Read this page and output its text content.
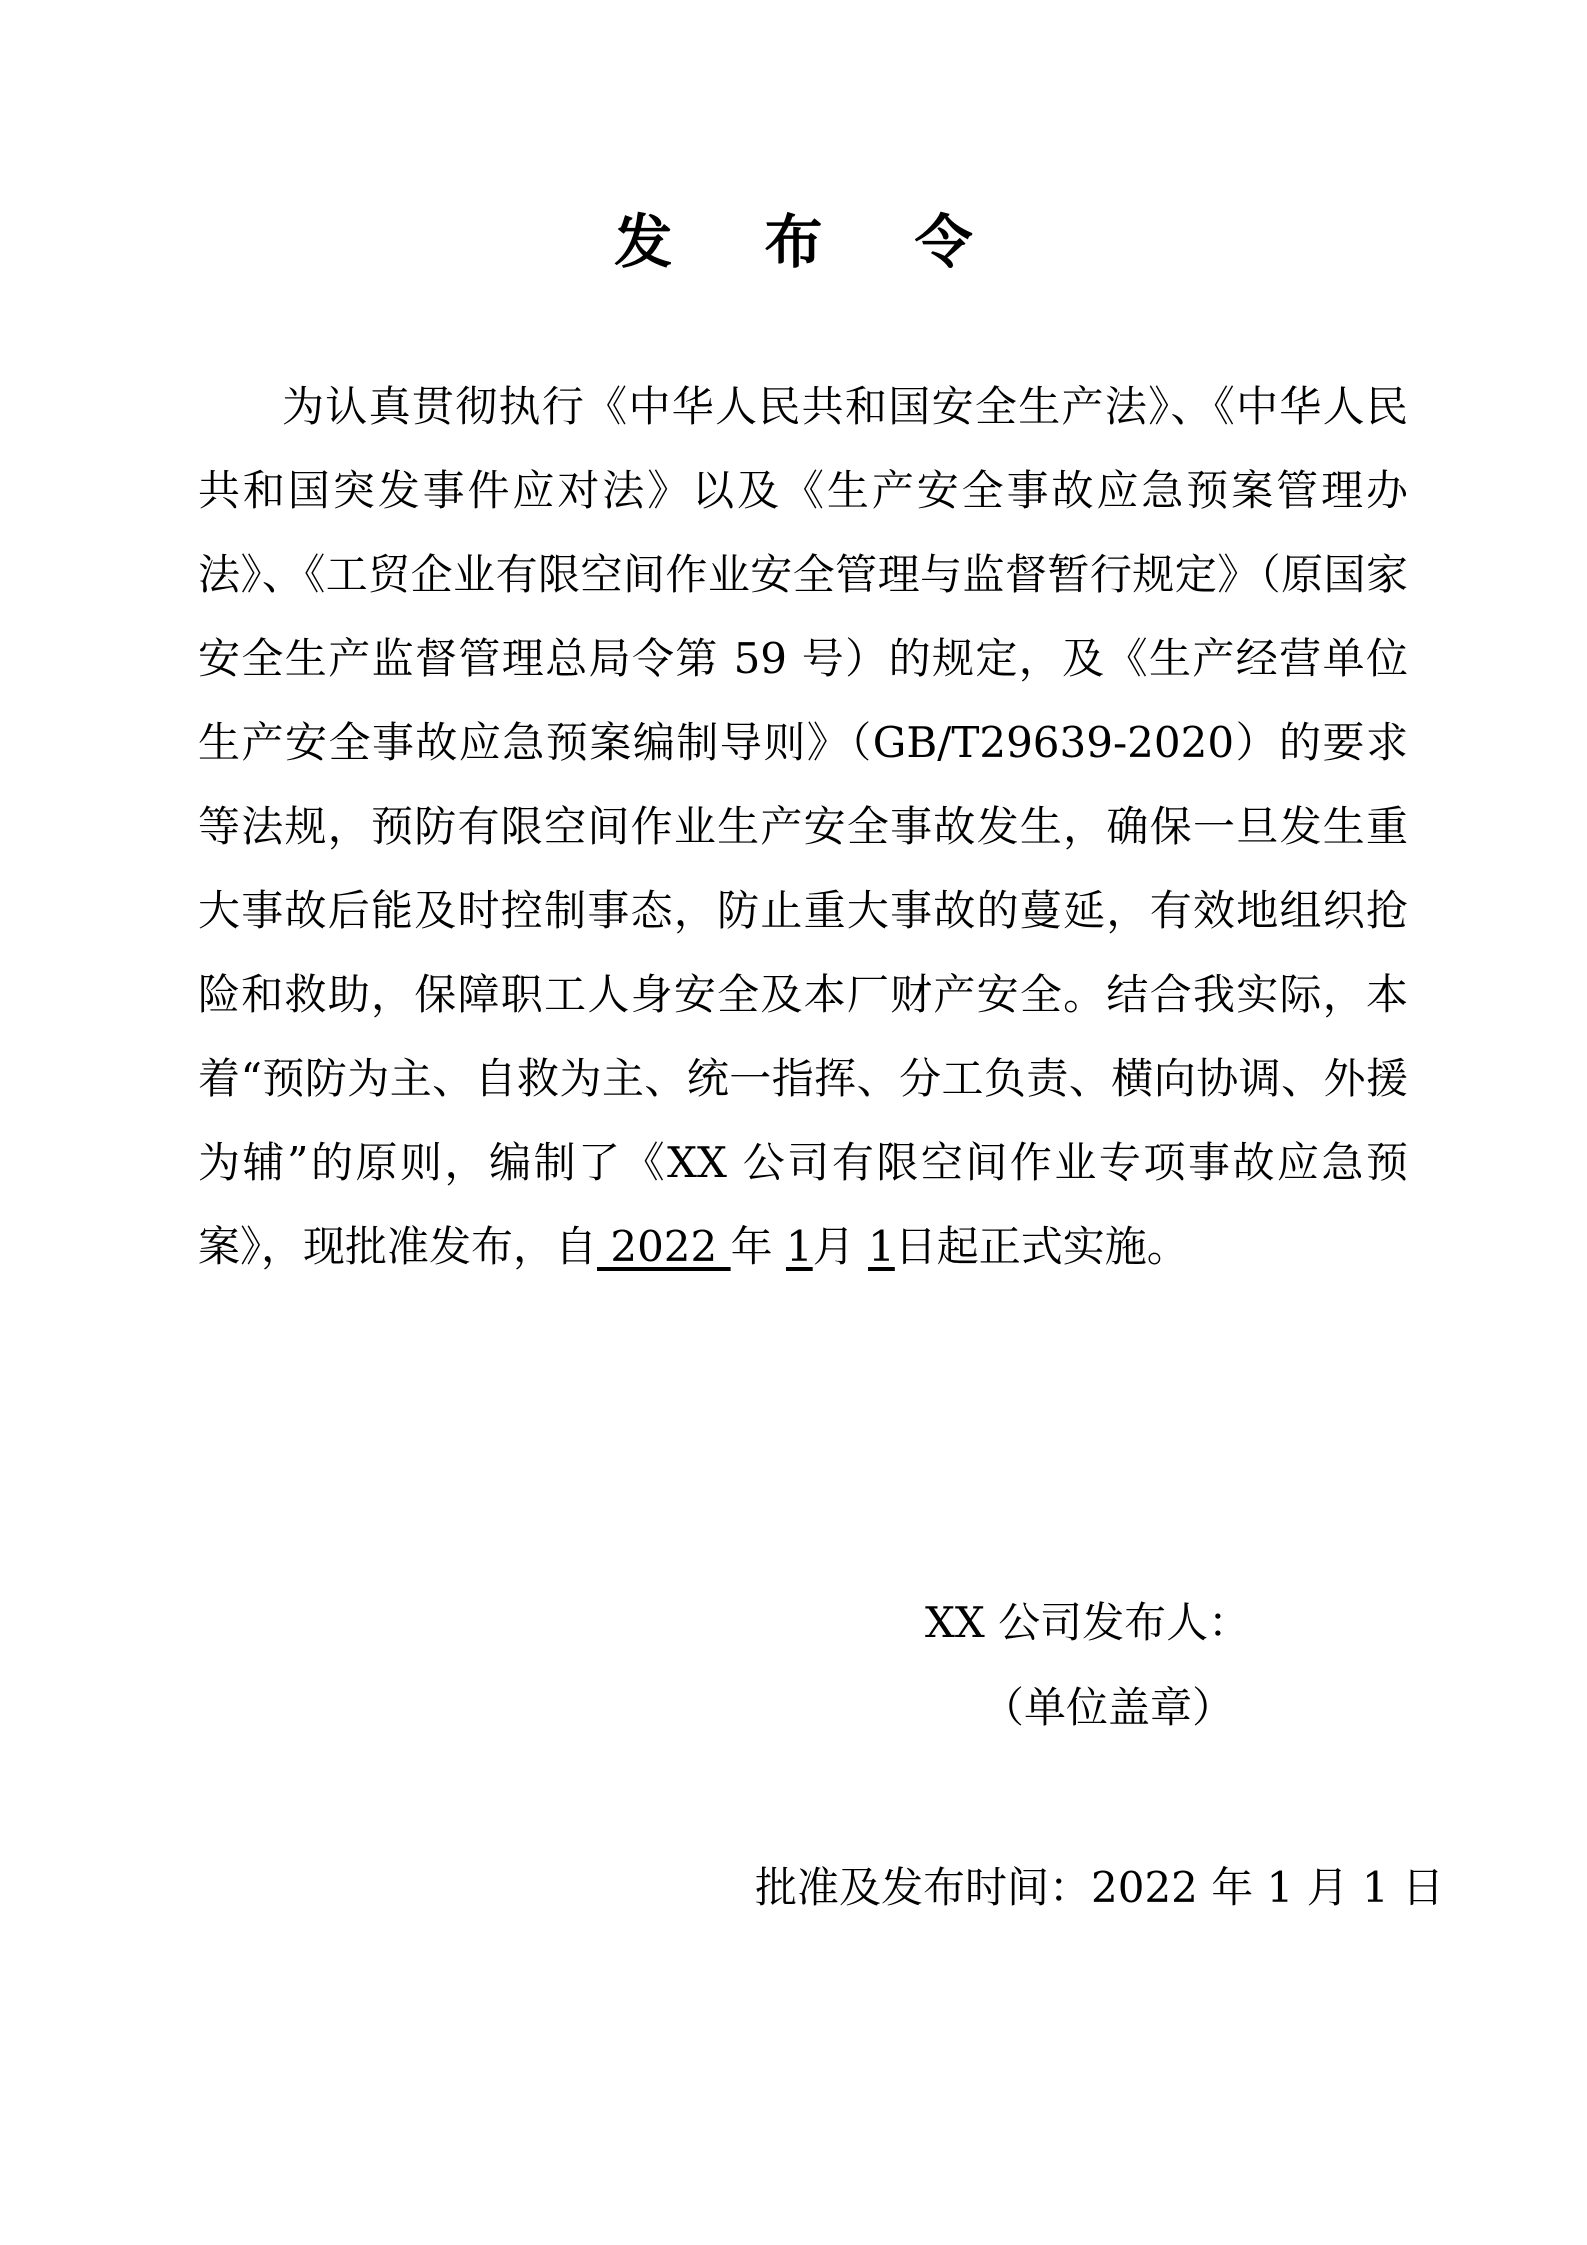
发 布 令

为认真贯彻执行《中华人民共和国安全生产法》、《中华人民共和国突发事件应对法》以及《生产安全事故应急预案管理办法》、《工贸企业有限空间作业安全管理与监督暂行规定》（原国家安全生产监督管理总局令第 59 号）的规定，及《生产经营单位生产安全事故应急预案编制导则》（GB/T29639-2020）的要求等法规，预防有限空间作业生产安全事故发生，确保一旦发生重大事故后能及时控制事态，防止重大事故的蔓延，有效地组织抢险和救助，保障职工人身安全及本厂财产安全。结合我实际，本着“预防为主、自救为主、统一指挥、分工负责、横向协调、外援为辅”的原则，编制了《XX 公司有限空间作业专项事故应急预案》，现批准发布，自 2022 年 1月 1日起正式实施。

XX 公司发布人：

（单位盖章）

批准及发布时间：2022 年 1 月 1 日
